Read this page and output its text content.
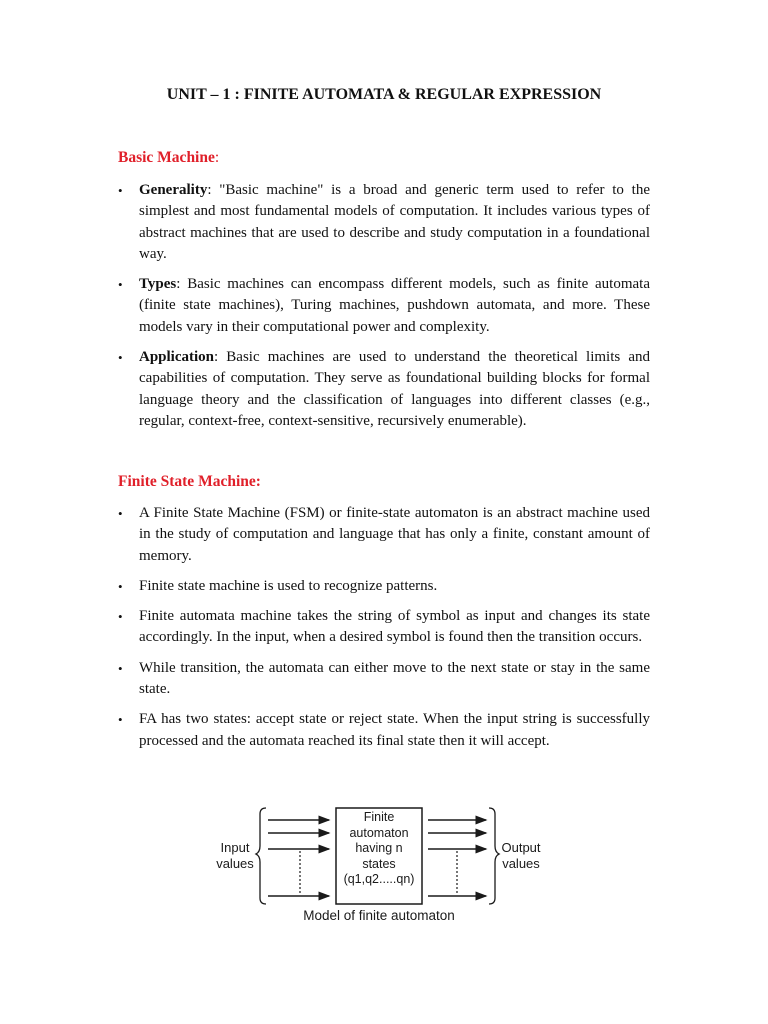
UNIT – 1 : FINITE AUTOMATA & REGULAR EXPRESSION
Basic Machine:
•	Generality: "Basic machine" is a broad and generic term used to refer to the simplest and most fundamental models of computation. It includes various types of abstract machines that are used to describe and study computation in a foundational way.
•	Types: Basic machines can encompass different models, such as finite automata (finite state machines), Turing machines, pushdown automata, and more. These models vary in their computational power and complexity.
•	Application: Basic machines are used to understand the theoretical limits and capabilities of computation. They serve as foundational building blocks for formal language theory and the classification of languages into different classes (e.g., regular, context-free, context-sensitive, recursively enumerable).
Finite State Machine:
•	A Finite State Machine (FSM) or finite-state automaton is an abstract machine used in the study of computation and language that has only a finite, constant amount of memory.
•	Finite state machine is used to recognize patterns.
•	Finite automata machine takes the string of symbol as input and changes its state accordingly. In the input, when a desired symbol is found then the transition occurs.
•	While transition, the automata can either move to the next state or stay in the same state.
•	FA has two states: accept state or reject state. When the input string is successfully processed and the automata reached its final state then it will accept.
Input
values
Finite
automaton
having n
states
(q1,q2.....qn)
Output
values
Model of finite automaton
